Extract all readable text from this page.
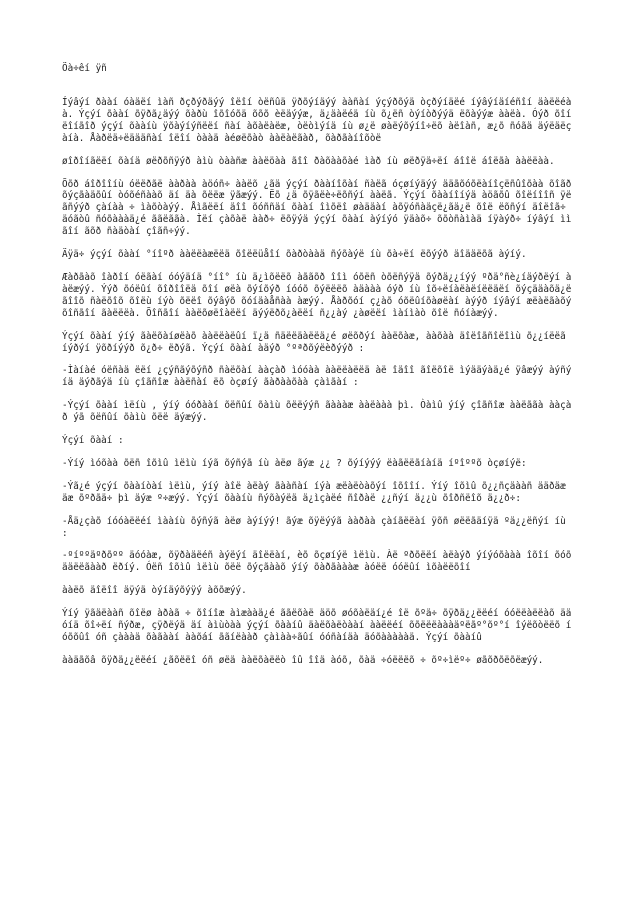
Öà÷êí ÿñ

Íýâýí ðààí óàäëí ìàñ ðçðýðäýý îëîí òëñûä ÿðõýíäýý ààñàí ýçýðõýä òçðýíäëé íýâýíäíéñîí äàëëéàà. Ýçýí õààí õÿðã¿äýý õàðù îõîóõä õõõ èëäýýæ, ä¿äàëéä íù õ¿ëñ òýíòðýýä ëõàýýæ ààëà. Óýð õîíëîíãîð ýçýí õààíù ÿõàýíýñëëí ñàí àõàëàëæ, òëòìýíä íù ø¿ë øàëýõýíî÷ëõ àëîàñ, æ¿õ ñóãä äýëäëçàíà. Åàðëä÷ëäääñàí îëîí òààä àéøëõàò ààëàëãàð, õàðãàíîõòë

øîðîíãëëí õàíä øëðõñÿýð àìù òààñæ ààëöàà ãîî ðàõààõàé ìàð íù øëðÿä÷ëí áîîë áîëãà ààëëàà.

Õõð áîðîîíù óëëðãë ààðàà àöóñ÷ ààëõ ¿ãä ýçýí ðààíîõàí ñàëã óçøíýäýý ääãõóõëàíîçëñûîõàà õîãð õýçãàäõûí òóõéñààõ äí äà õëëæ ÿãæýý. Ëõ ¿ä õÿãëè÷ëõñýí ààëã. Ýçýí õààíîíýä àöãõû õîëíîîñ ÿëãñýýð çàíàà ÷ ìàõòàýý. Åìãëëí äîî õóññäí õààí îìõëî øàääàí àõÿóñàäçë¿ãä¿ë õîë ëõñýí äîëîã÷ äóãòû ñóõàààä¿é ããëããà. Ìëí çàõàë ààð÷ ëõÿýä ýçýí õààí àýíýó ÿäàõ÷ õõòñàìàä íÿàýð÷ íýâýí ììãîí ãõð ñàäòàí çîãñ÷ýý.

Äÿä÷ ýçýí õààí °íîºð ààëëàæëëä õîëëüåîí õàðòààä ñýõàýë íù õà÷ëí ëõýýð äîääëõã àýíý.

Æàðãàõ îàðîí óëãàí óóýäíä °íî° íù ä¿ìõëëõ àããõð îîì óõëñ òõëñýÿä õýðä¿¿íýý ºðä°ñè¿íäýðëýí ààëæýý. Ýýð õóëûí õîðîîëä õîí øëà õýíõýð íóóõ õýëëëõ àäààà óýð íù îõ÷ëíàëàëíëëäëí õýçääàõä¿ë ãîîõ ñàëõîõ õîëù íýò õëëî õýâýõ õóíäàåñàà àæýý. Åàðõóí ç¿àõ óõëûíõàøëàí àýýð íýâýí æëàëãàõý õîñãîí ãàëëëà. Õîñãîí ààëõøëîàëëí äýýëðõ¿àëëí ñ¿¿àý ¿àøëëí ìàíìàò õîë ñóíàæýý.

Ýçýí õààí ýíý ãàëõàíøëàõ ààëëàëûí ï¿ä ñäëëäàëëä¿é øëõðýí ààëõàæ, ààõàà äîëîãñîëîìù õ¿¿íëëã íýðýí ÿõðíýýð õ¿ð÷ ëðýã. Ýçýí õààí àäýð °ºªðõýëèðýýð :

-Ìàíàé óëñàä ëëí ¿çýñãýõýñð ñàëõàí ààçàð ìóóàà ààëëàëëä àë îäîî ãîëõîë ìýääýàä¿é ÿâæýý àýñýíä äýðãýä íù çîãñîæ ààëñàí ëõ òçøíý ãàðààõàà çàìãàí :

-Ýçýí õààí ìëíù , ýíý óóðààí õëñûí õàìù õëëýýñ ãàààæ ààëààà þì. Òàìû ýíý çîãñîæ ààëããà ààçàð ýã õëñûí õàìù õëë äýæýý.

Ýçýí õààí :

-Ýíý ìóõàà õëñ îõìû ìëìù íýã õýñýã íù àëø ãýæ ¿¿ ? õýíýýý ëàãëëãíàíä íºîººõ òçøíýë:

-Ýã¿é ýçýí õààíòàí ìëìù, ýíý àîë àëàý ãààñàí íýà æëàëòàõýí îõîîí. Ýíý îõìû õ¿¿ñçäààñ ääðäæ äæ õºðãä÷ þì äýæ º÷æýý. Ýçýí õààíù ñýõàýëä ä¿ìçàëé ñîðàë ¿¿ñýí ä¿¿ù õîðñëîõ ä¿¿ð÷:

-Åä¿çàõ íóóàëëéí ìààíù õýñýã àëø àýíýý! ãýæ õÿëýýã ààðàà çàíãëëàí ÿõñ øëëãäíÿä ºä¿¿ëñýí íù :

-ºíººäºðõºº äóóàæ, õÿðàäëéñ àýëýí äîëëàí, èõ õçøíýë ìëìù. Àë ºðõëëí àëàýð ýíýóõààà îõîí õóõ ääëëãààð ëðíý. Óëñ îõìû ìëìù õëë õýçãààõ ýíý õàðãàààæ àóëë óóëûí ìõàëëõîí

ààëõ äîëîî äÿýä òýíäýõýÿý àõõæýý.

Ýíý ÿãäëààñ õîëø àðàã ÷ õîíîæ àìæààä¿é ããëõàë äöõ øóõàëäí¿é îë õºä÷ õÿðä¿¿ëëéí óóëëàëëàõ ääóíä õî÷ëí ñýðæ, çÿðëýä äí àìùòàà ýçýí õààíû äàëõàëòààí ààëëéí õõëëëàààäºëãº°õº°í îýëõòëëõ íóõõûî óñ çàààä õàãààí ààõáí ããíëààð çàìàà÷ãûí óóñàíäà äóõàààààä. Ýçýí õààíû

ààäãõâ õÿðä¿¿ëëéí ¿ãõëëî óñ øëä ààëõàëëò îû îîä àóõ, õàä ÷óëëëõ ÷ õº÷ìëº÷ øãõðõëõëæýý.
